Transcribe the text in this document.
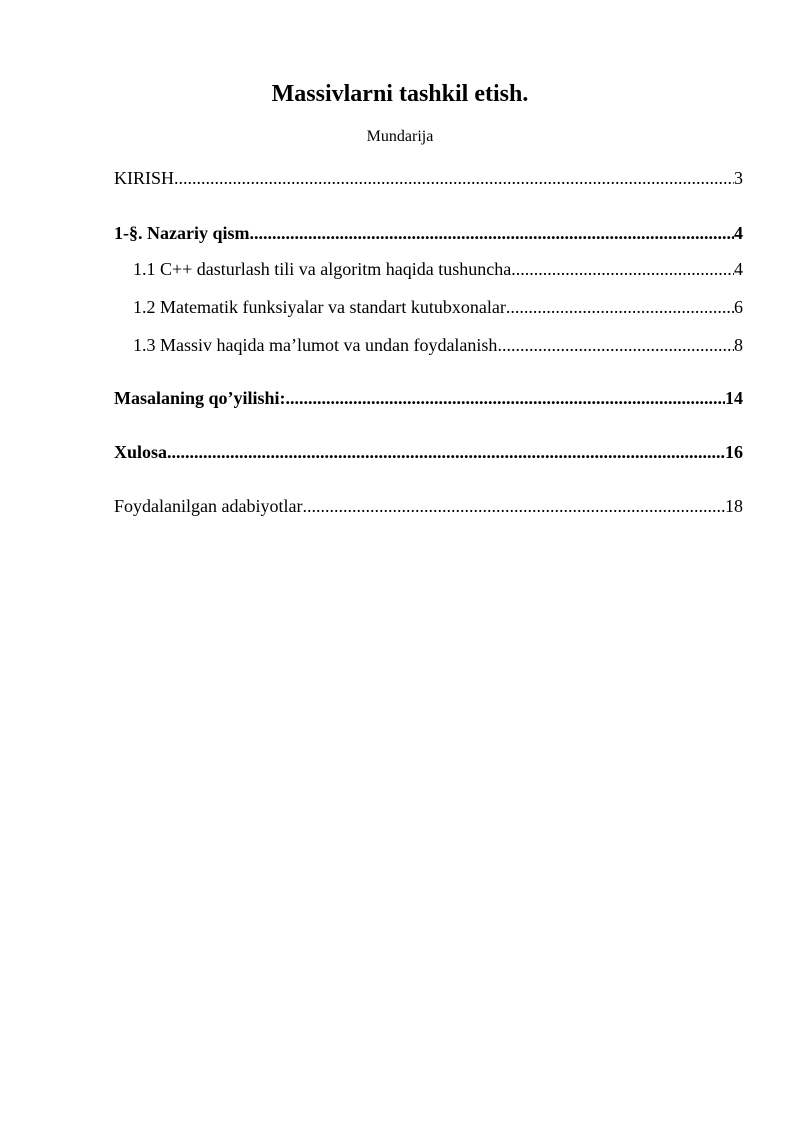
Massivlarni tashkil etish.
Mundarija
KIRISH .....	3
1-§. Nazariy qism .....	4
1.1 C++ dasturlash tili va algoritm haqida tushuncha .....	4
1.2 Matematik funksiyalar va standart kutubxonalar .....	6
1.3 Massiv haqida ma’lumot va undan foydalanish .....	8
Masalaning qo’yilishi: .....	14
Xulosa .....	16
Foydalanilgan adabiyotlar .....	18
